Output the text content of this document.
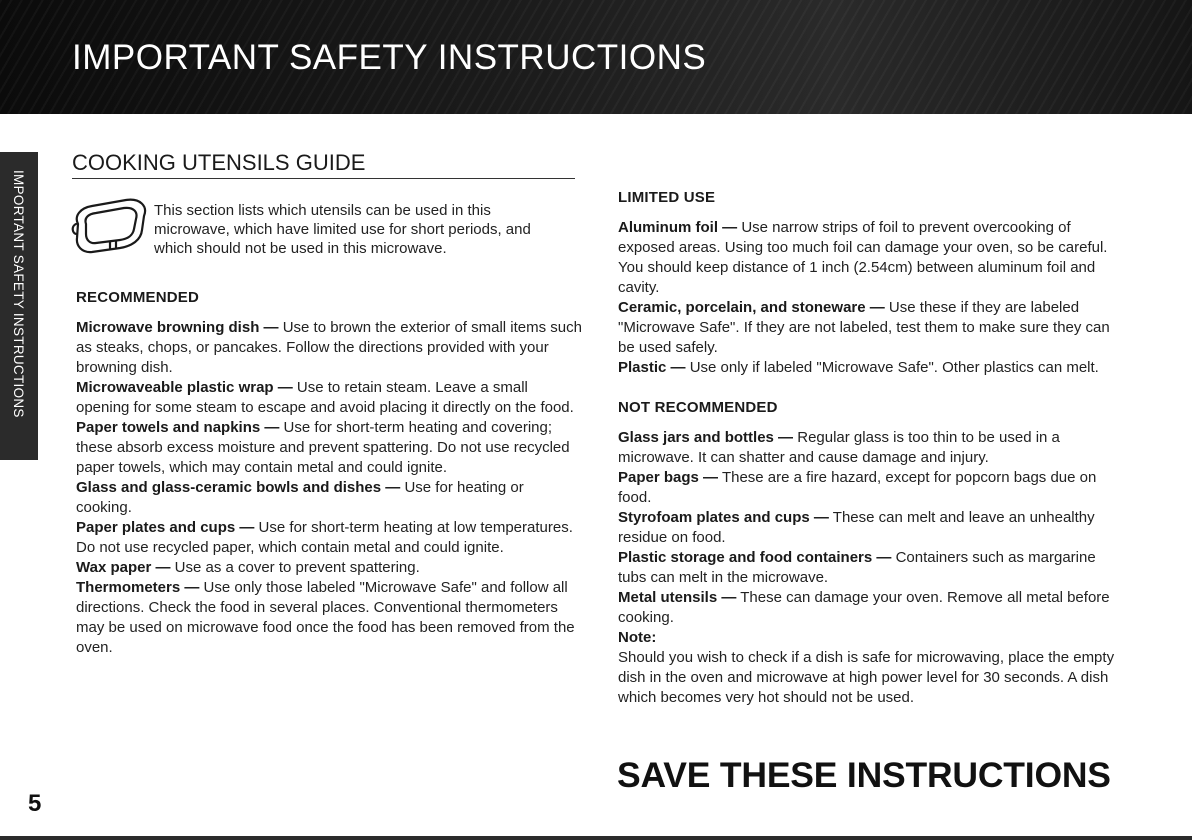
IMPORTANT SAFETY INSTRUCTIONS
IMPORTANT SAFETY INSTRUCTIONS
COOKING UTENSILS GUIDE

This section lists which utensils can be used in this microwave, which have limited use for short periods, and which should not be used in this microwave.

RECOMMENDED

Microwave browning dish — Use to brown the exterior of small items such as steaks, chops, or pancakes. Follow the directions provided with your browning dish.

Microwaveable plastic wrap — Use to retain steam. Leave a small opening for some steam to escape and avoid placing it directly on the food.

Paper towels and napkins — Use for short-term heating and covering; these absorb excess moisture and prevent spattering. Do not use recycled paper towels, which may contain metal and could ignite.

Glass and glass-ceramic bowls and dishes — Use for heating or cooking.

Paper plates and cups — Use for short-term heating at low temperatures. Do not use recycled paper, which contain metal and could ignite.

Wax paper — Use as a cover to prevent spattering.

Thermometers — Use only those labeled "Microwave Safe" and follow all directions. Check the food in several places. Conventional thermometers may be used on microwave food once the food has been removed from the oven.

LIMITED USE

Aluminum foil — Use narrow strips of foil to prevent overcooking of exposed areas. Using too much foil can damage your oven, so be careful. You should keep distance of 1 inch (2.54cm) between aluminum foil and cavity.

Ceramic, porcelain, and stoneware — Use these if they are labeled "Microwave Safe". If they are not labeled, test them to make sure they can be used safely.

Plastic — Use only if labeled "Microwave Safe". Other plastics can melt.

NOT RECOMMENDED

Glass jars and bottles — Regular glass is too thin to be used in a microwave. It can shatter and cause damage and injury.

Paper bags — These are a fire hazard, except for popcorn bags due on food.

Styrofoam plates and cups — These can melt and leave an unhealthy residue on food.

Plastic storage and food containers — Containers such as margarine tubs can melt in the microwave.

Metal utensils — These can damage your oven. Remove all metal before cooking.

Note:
Should you wish to check if a dish is safe for microwaving, place the empty dish in the oven and microwave at high power level for 30 seconds. A dish which becomes very hot should not be used.

SAVE THESE INSTRUCTIONS

5
